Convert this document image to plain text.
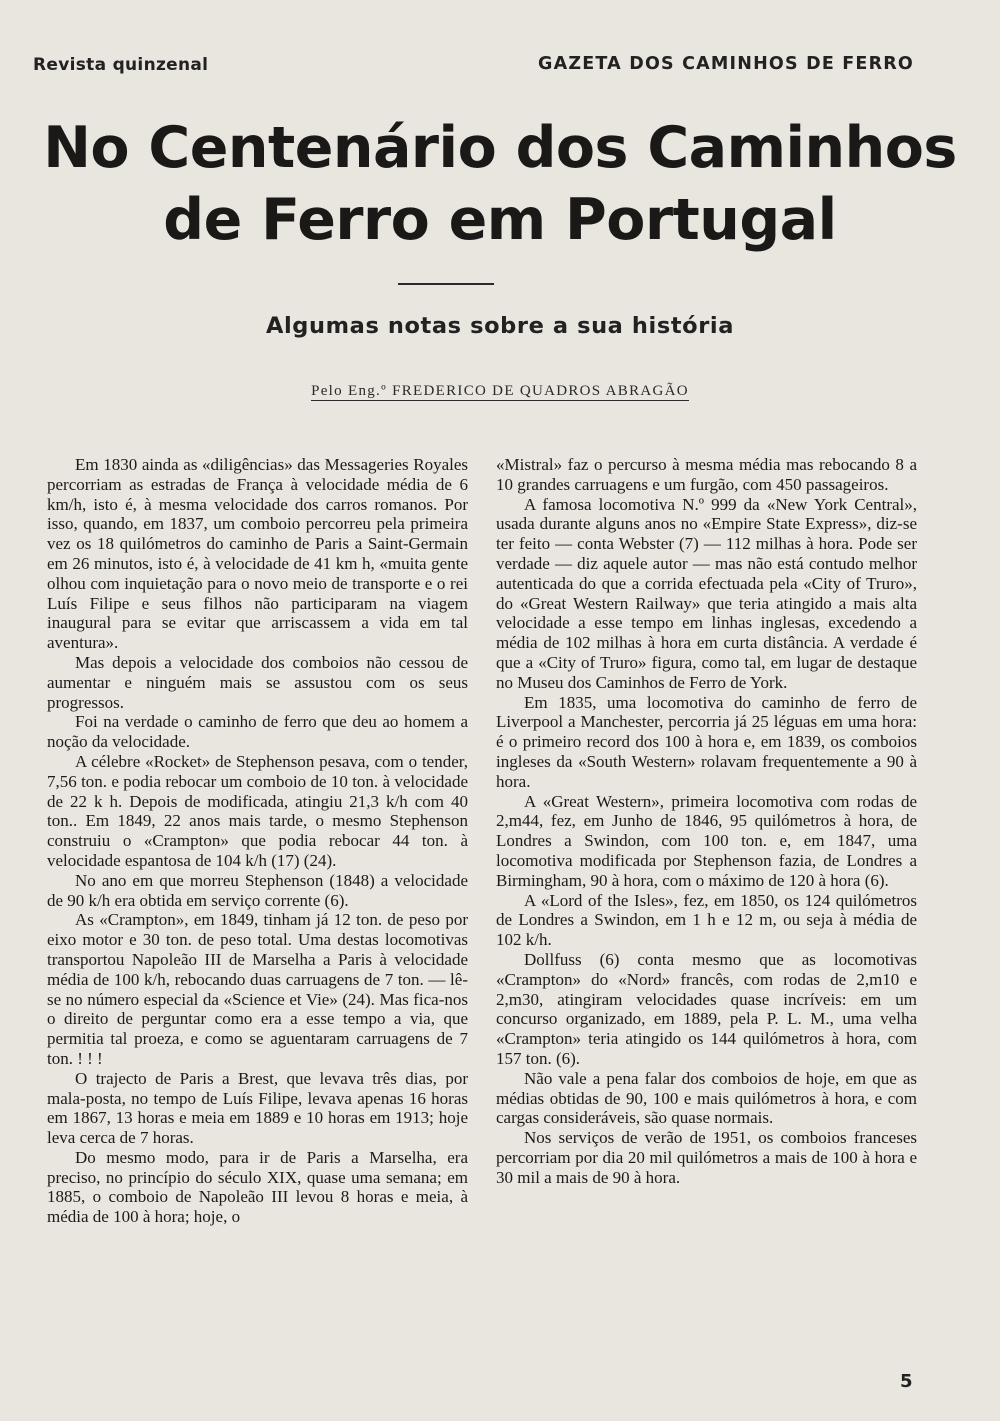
Revista quinzenal	GAZETA DOS CAMINHOS DE FERRO
No Centenário dos Caminhos
de Ferro em Portugal
Algumas notas sobre a sua história
Pelo Eng.º FREDERICO DE QUADROS ABRAGÃO

Em 1830 ainda as «diligências» das Messageries Royales percorriam as estradas de França à velocidade média de 6 km/h, isto é, à mesma velocidade dos carros romanos. Por isso, quando, em 1837, um comboio percorreu pela primeira vez os 18 quilómetros do caminho de Paris a Saint-Germain em 26 minutos, isto é, à velocidade de 41 km h, «muita gente olhou com inquietação para o novo meio de transporte e o rei Luís Filipe e seus filhos não participaram na viagem inaugural para se evitar que arriscassem a vida em tal aventura».

Mas depois a velocidade dos comboios não cessou de aumentar e ninguém mais se assustou com os seus progressos.

Foi na verdade o caminho de ferro que deu ao homem a noção da velocidade.

A célebre «Rocket» de Stephenson pesava, com o tender, 7,56 ton. e podia rebocar um comboio de 10 ton. à velocidade de 22 k h. Depois de modificada, atingiu 21,3 k/h com 40 ton.. Em 1849, 22 anos mais tarde, o mesmo Stephenson construiu o «Crampton» que podia rebocar 44 ton. à velocidade espantosa de 104 k/h (17) (24).

No ano em que morreu Stephenson (1848) a velocidade de 90 k/h era obtida em serviço corrente (6).

As «Crampton», em 1849, tinham já 12 ton. de peso por eixo motor e 30 ton. de peso total. Uma destas locomotivas transportou Napoleão III de Marselha a Paris à velocidade média de 100 k/h, rebocando duas carruagens de 7 ton. — lê-se no número especial da «Science et Vie» (24). Mas fica-nos o direito de perguntar como era a esse tempo a via, que permitia tal proeza, e como se aguentaram carruagens de 7 ton. ! ! !

O trajecto de Paris a Brest, que levava três dias, por mala-posta, no tempo de Luís Filipe, levava apenas 16 horas em 1867, 13 horas e meia em 1889 e 10 horas em 1913; hoje leva cerca de 7 horas.

Do mesmo modo, para ir de Paris a Marselha, era preciso, no princípio do século XIX, quase uma semana; em 1885, o comboio de Napoleão III levou 8 horas e meia, à média de 100 à hora; hoje, o

«Mistral» faz o percurso à mesma média mas rebocando 8 a 10 grandes carruagens e um furgão, com 450 passageiros.

A famosa locomotiva N.º 999 da «New York Central», usada durante alguns anos no «Empire State Express», diz-se ter feito — conta Webster (7) — 112 milhas à hora. Pode ser verdade — diz aquele autor — mas não está contudo melhor autenticada do que a corrida efectuada pela «City of Truro», do «Great Western Railway» que teria atingido a mais alta velocidade a esse tempo em linhas inglesas, excedendo a média de 102 milhas à hora em curta distância. A verdade é que a «City of Truro» figura, como tal, em lugar de destaque no Museu dos Caminhos de Ferro de York.

Em 1835, uma locomotiva do caminho de ferro de Liverpool a Manchester, percorria já 25 léguas em uma hora: é o primeiro record dos 100 à hora e, em 1839, os comboios ingleses da «South Western» rolavam frequentemente a 90 à hora.

A «Great Western», primeira locomotiva com rodas de 2,m44, fez, em Junho de 1846, 95 quilómetros à hora, de Londres a Swindon, com 100 ton. e, em 1847, uma locomotiva modificada por Stephenson fazia, de Londres a Birmingham, 90 à hora, com o máximo de 120 à hora (6).

A «Lord of the Isles», fez, em 1850, os 124 quilómetros de Londres a Swindon, em 1 h e 12 m, ou seja à média de 102 k/h.

Dollfuss (6) conta mesmo que as locomotivas «Crampton» do «Nord» francês, com rodas de 2,m10 e 2,m30, atingiram velocidades quase incríveis: em um concurso organizado, em 1889, pela P. L. M., uma velha «Crampton» teria atingido os 144 quilómetros à hora, com 157 ton. (6).

Não vale a pena falar dos comboios de hoje, em que as médias obtidas de 90, 100 e mais quilómetros à hora, e com cargas consideráveis, são quase normais.

Nos serviços de verão de 1951, os comboios franceses percorriam por dia 20 mil quilómetros a mais de 100 à hora e 30 mil a mais de 90 à hora.

5
